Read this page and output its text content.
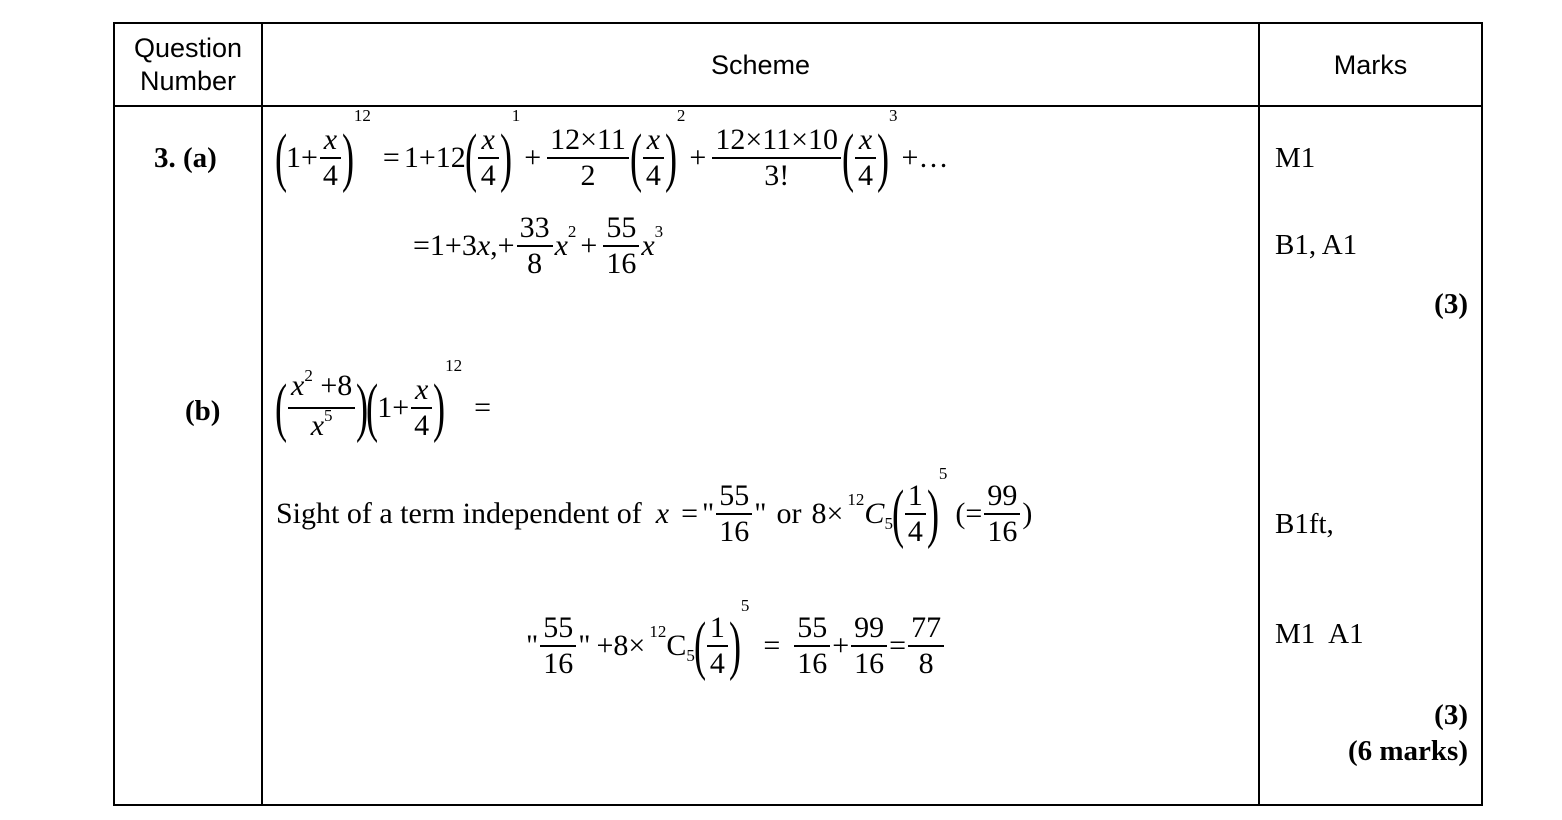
Question
Number
Scheme	Marks
3. (a) (
$1+ \frac{x}{4}$ )
12
= 1+12
( $\frac{x}{4}$ )
1
+ $\frac{12\times 11}{2}$ ( $\frac{x}{4}$ )
2
+ $\frac{12\times 11\times 10}{3!}$ ( $\frac{x}{4}$ )
3
+…
=1+3 x ,+ $\frac{33}{8}$ x $2 + \frac{55}{16}$ x 3
M1
B1, A1
(3)
(b) ( $\frac{x^2 +8}{x^5}$ )
(
$1+ \frac{x}{4}$ )
12
=
Sight of a term independent of x = " $\frac{55}{16}$ " or 8× 12 C 5
( $\frac{1}{4}$ )
5
(= $\frac{99}{16}$ )
" $\frac{55}{16}$ " +8× 12 C 5
( $\frac{1}{4}$ )
5
= $\frac{55}{16} + \frac{99}{16} = \frac{77}{8}$
B1ft,
M1  A1
(3)
(6 marks)
